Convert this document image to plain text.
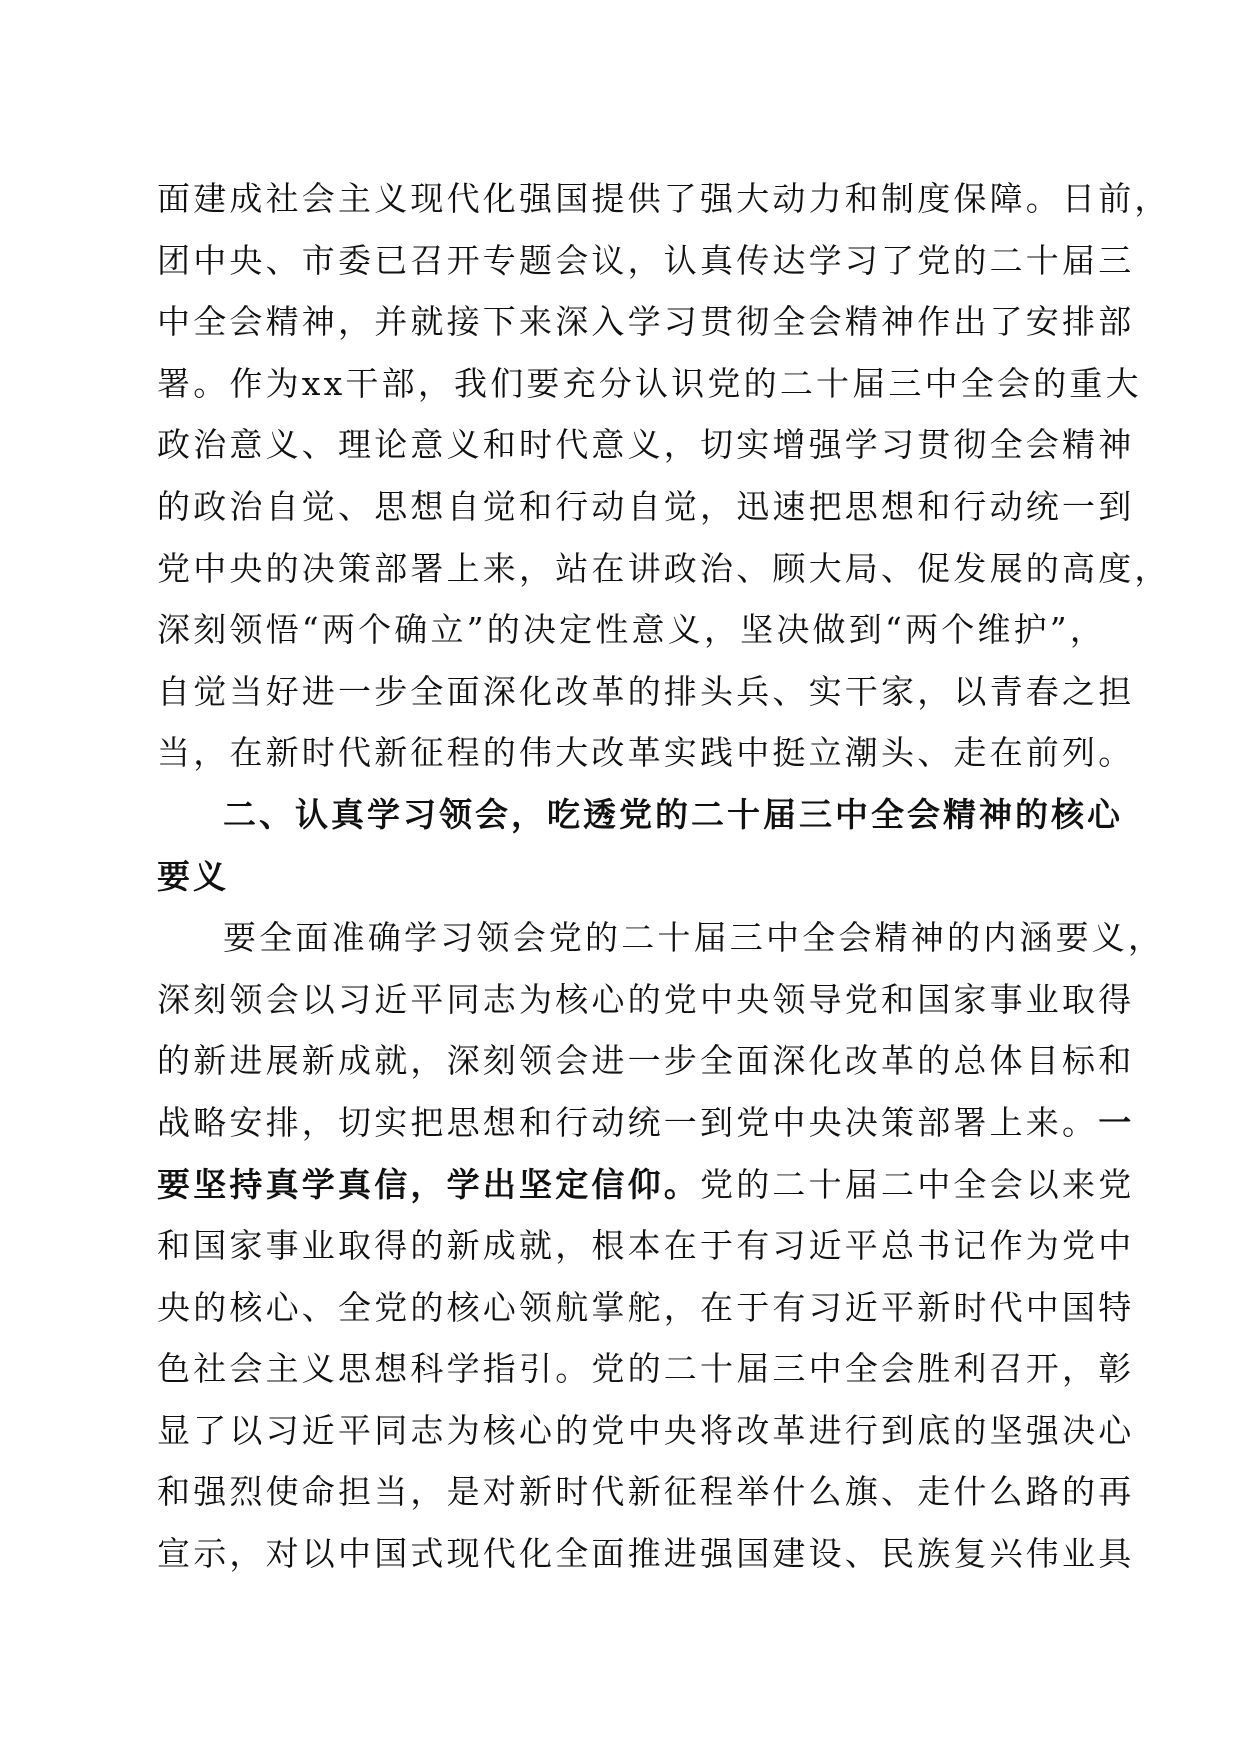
面建成社会主义现代化强国提供了强大动力和制度保障。日前，
团中央、市委已召开专题会议，认真传达学习了党的二十届三
中全会精神，并就接下来深入学习贯彻全会精神作出了安排部
署。作为xx干部，我们要充分认识党的二十届三中全会的重大
政治意义、理论意义和时代意义，切实增强学习贯彻全会精神
的政治自觉、思想自觉和行动自觉，迅速把思想和行动统一到
党中央的决策部署上来，站在讲政治、顾大局、促发展的高度，
深刻领悟“两个确立”的决定性意义，坚决做到“两个维护”，
自觉当好进一步全面深化改革的排头兵、实干家，以青春之担
当，在新时代新征程的伟大改革实践中挺立潮头、走在前列。
二、认真学习领会，吃透党的二十届三中全会精神的核心
要义
要全面准确学习领会党的二十届三中全会精神的内涵要义，
深刻领会以习近平同志为核心的党中央领导党和国家事业取得
的新进展新成就，深刻领会进一步全面深化改革的总体目标和
战略安排，切实把思想和行动统一到党中央决策部署上来。一
要坚持真学真信，学出坚定信仰。党的二十届二中全会以来党
和国家事业取得的新成就，根本在于有习近平总书记作为党中
央的核心、全党的核心领航掌舵，在于有习近平新时代中国特
色社会主义思想科学指引。党的二十届三中全会胜利召开，彰
显了以习近平同志为核心的党中央将改革进行到底的坚强决心
和强烈使命担当，是对新时代新征程举什么旗、走什么路的再
宣示，对以中国式现代化全面推进强国建设、民族复兴伟业具
